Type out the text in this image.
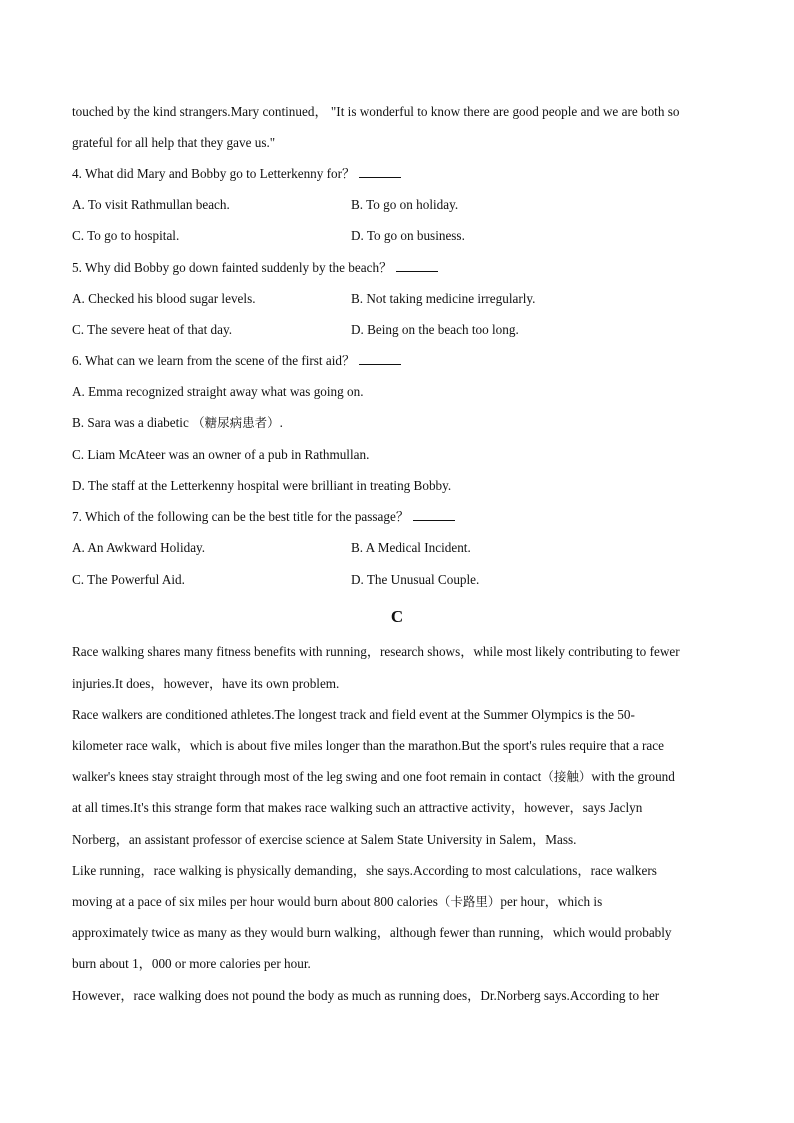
touched by the kind strangers.Mary continued， "It is wonderful to know there are good people and we are both so
grateful for all help that they gave us."
4. What did Mary and Bobby go to Letterkenny for？
A. To visit Rathmullan beach.	B. To go on holiday.
C. To go to hospital.	D. To go on business.
5. Why did Bobby go down fainted suddenly by the beach？
A. Checked his blood sugar levels.	B. Not taking medicine irregularly.
C. The severe heat of that day.	D. Being on the beach too long.
6. What can we learn from the scene of the first aid？
A. Emma recognized straight away what was going on.
B. Sara was a diabetic （糖尿病患者）.
C. Liam McAteer was an owner of a pub in Rathmullan.
D. The staff at the Letterkenny hospital were brilliant in treating Bobby.
7. Which of the following can be the best title for the passage？
A. An Awkward Holiday.	B. A Medical Incident.
C. The Powerful Aid.	D. The Unusual Couple.
C
Race walking shares many fitness benefits with running，research shows，while most likely contributing to fewer
injuries.It does，however，have its own problem.
Race walkers are conditioned athletes.The longest track and field event at the Summer Olympics is the 50-
kilometer race walk，which is about five miles longer than the marathon.But the sport's rules require that a race
walker's knees stay straight through most of the leg swing and one foot remain in contact（接触）with the ground
at all times.It's this strange form that makes race walking such an attractive activity，however，says Jaclyn
Norberg，an assistant professor of exercise science at Salem State University in Salem，Mass.
Like running，race walking is physically demanding，she says.According to most calculations，race walkers
moving at a pace of six miles per hour would burn about 800 calories（卡路里）per hour，which is
approximately twice as many as they would burn walking，although fewer than running，which would probably
burn about 1，000 or more calories per hour.
However，race walking does not pound the body as much as running does，Dr.Norberg says.According to her
